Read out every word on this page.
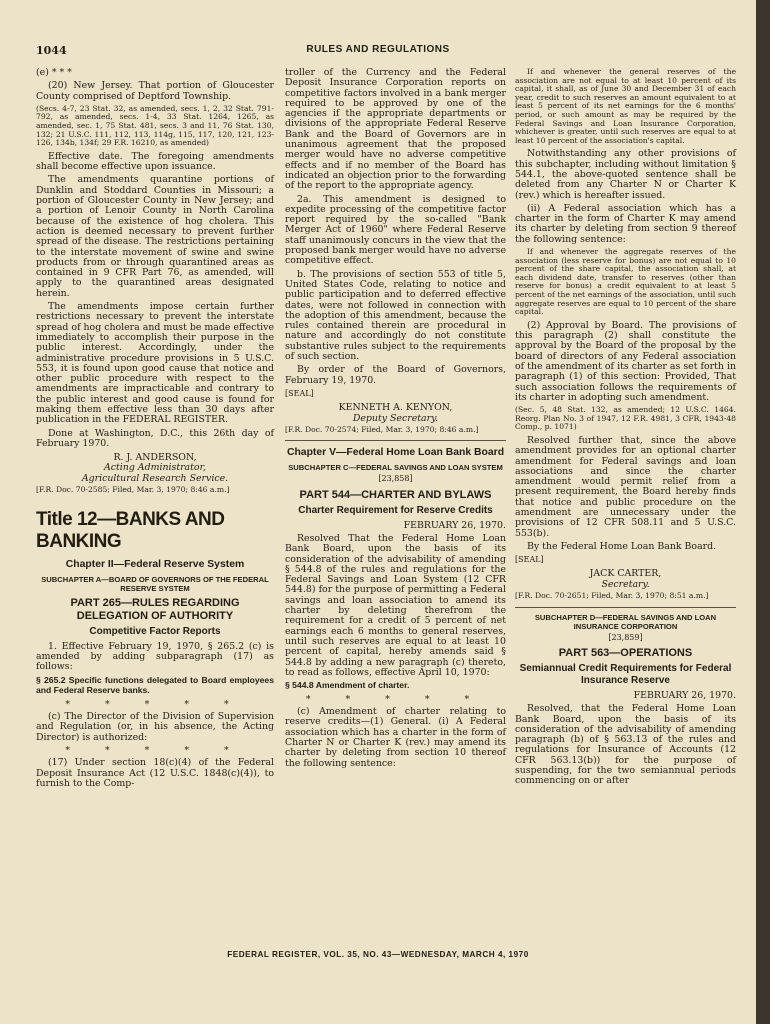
1044	RULES AND REGULATIONS

(e) * * *

(20) New Jersey. That portion of Gloucester County comprised of Deptford Township.

(Secs. 4-7, 23 Stat. 32, as amended, secs. 1, 2, 32 Stat. 791-792, as amended, secs. 1-4, 33 Stat. 1264, 1265, as amended, sec. 1, 75 Stat. 481, secs. 3 and 11, 76 Stat. 130, 132; 21 U.S.C. 111, 112, 113, 114g, 115, 117, 120, 121, 123-126, 134b, 134f; 29 F.R. 16210, as amended)

Effective date. The foregoing amendments shall become effective upon issuance.

The amendments quarantine portions of Dunklin and Stoddard Counties in Missouri; a portion of Gloucester County in New Jersey; and a portion of Lenoir County in North Carolina because of the existence of hog cholera. This action is deemed necessary to prevent further spread of the disease. The restrictions pertaining to the interstate movement of swine and swine products from or through quarantined areas as contained in 9 CFR Part 76, as amended, will apply to the quarantined areas designated herein.

The amendments impose certain further restrictions necessary to prevent the interstate spread of hog cholera and must be made effective immediately to accomplish their purpose in the public interest. Accordingly, under the administrative procedure provisions in 5 U.S.C. 553, it is found upon good cause that notice and other public procedure with respect to the amendments are impracticable and contrary to the public interest and good cause is found for making them effective less than 30 days after publication in the FEDERAL REGISTER.

Done at Washington, D.C., this 26th day of February 1970.

R. J. ANDERSON,

Acting Administrator,

Agricultural Research Service.

[F.R. Doc. 70-2585; Filed, Mar. 3, 1970; 8:46 a.m.]

Title 12—BANKS AND BANKING
Chapter II—Federal Reserve System
SUBCHAPTER A—BOARD OF GOVERNORS OF THE FEDERAL RESERVE SYSTEM
PART 265—RULES REGARDING DELEGATION OF AUTHORITY
Competitive Factor Reports

1. Effective February 19, 1970, § 265.2 (c) is amended by adding subparagraph (17) as follows:

§ 265.2 Specific functions delegated to Board employees and Federal Reserve banks.

* * * * *

(c) The Director of the Division of Supervision and Regulation (or, in his absence, the Acting Director) is authorized:

* * * * *

(17) Under section 18(c)(4) of the Federal Deposit Insurance Act (12 U.S.C. 1848(c)(4)), to furnish to the Comp-

troller of the Currency and the Federal Deposit Insurance Corporation reports on competitive factors involved in a bank merger required to be approved by one of the agencies if the appropriate departments or divisions of the appropriate Federal Reserve Bank and the Board of Governors are in unanimous agreement that the proposed merger would have no adverse competitive effects and if no member of the Board has indicated an objection prior to the forwarding of the report to the appropriate agency.

2a. This amendment is designed to expedite processing of the competitive factor report required by the so-called "Bank Merger Act of 1960" where Federal Reserve staff unanimously concurs in the view that the proposed bank merger would have no adverse competitive effect.

b. The provisions of section 553 of title 5, United States Code, relating to notice and public participation and to deferred effective dates, were not followed in connection with the adoption of this amendment, because the rules contained therein are procedural in nature and accordingly do not constitute substantive rules subject to the requirements of such section.

By order of the Board of Governors, February 19, 1970.

[SEAL]

KENNETH A. KENYON,

Deputy Secretary.

[F.R. Doc. 70-2574; Filed, Mar. 3, 1970; 8:46 a.m.]

Chapter V—Federal Home Loan Bank Board
SUBCHAPTER C—FEDERAL SAVINGS AND LOAN SYSTEM
[23,858]
PART 544—CHARTER AND BYLAWS
Charter Requirement for Reserve Credits

FEBRUARY 26, 1970.

Resolved That the Federal Home Loan Bank Board, upon the basis of its consideration of the advisability of amending § 544.8 of the rules and regulations for the Federal Savings and Loan System (12 CFR 544.8) for the purpose of permitting a Federal savings and loan association to amend its charter by deleting therefrom the requirement for a credit of 5 percent of net earnings each 6 months to general reserves, until such reserves are equal to at least 10 percent of capital, hereby amends said § 544.8 by adding a new paragraph (c) thereto, to read as follows, effective April 10, 1970:

§ 544.8 Amendment of charter.

* * * * *

(c) Amendment of charter relating to reserve credits—(1) General. (i) A Federal association which has a charter in the form of Charter N or Charter K (rev.) may amend its charter by deleting from section 10 thereof the following sentence:

If and whenever the general reserves of the association are not equal to at least 10 percent of its capital, it shall, as of June 30 and December 31 of each year, credit to such reserves an amount equivalent to at least 5 percent of its net earnings for the 6 months' period, or such amount as may be required by the Federal Savings and Loan Insurance Corporation, whichever is greater, until such reserves are equal to at least 10 percent of the association's capital.

Notwithstanding any other provisions of this subchapter, including without limitation § 544.1, the above-quoted sentence shall be deleted from any Charter N or Charter K (rev.) which is hereafter issued.

(ii) A Federal association which has a charter in the form of Charter K may amend its charter by deleting from section 9 thereof the following sentence:

If and whenever the aggregate reserves of the association (less reserve for bonus) are not equal to 10 percent of the share capital, the association shall, at each dividend date, transfer to reserves (other than reserve for bonus) a credit equivalent to at least 5 percent of the net earnings of the association, until such aggregate reserves are equal to 10 percent of the share capital.

(2) Approval by Board. The provisions of this paragraph (2) shall constitute the approval by the Board of the proposal by the board of directors of any Federal association of the amendment of its charter as set forth in paragraph (1) of this section: Provided, That such association follows the requirements of its charter in adopting such amendment.

(Sec. 5, 48 Stat. 132, as amended; 12 U.S.C. 1464. Reorg. Plan No. 3 of 1947, 12 F.R. 4981, 3 CFR, 1943-48 Comp., p. 1071)

Resolved further that, since the above amendment provides for an optional charter amendment for Federal savings and loan associations and since the charter amendment would permit relief from a present requirement, the Board hereby finds that notice and public procedure on the amendment are unnecessary under the provisions of 12 CFR 508.11 and 5 U.S.C. 553(b).

By the Federal Home Loan Bank Board.

[SEAL]

JACK CARTER,

Secretary.

[F.R. Doc. 70-2651; Filed, Mar. 3, 1970; 8:51 a.m.]

SUBCHAPTER D—FEDERAL SAVINGS AND LOAN INSURANCE CORPORATION
[23,859]
PART 563—OPERATIONS
Semiannual Credit Requirements for Federal Insurance Reserve

FEBRUARY 26, 1970.

Resolved, that the Federal Home Loan Bank Board, upon the basis of its consideration of the advisability of amending paragraph (b) of § 563.13 of the rules and regulations for Insurance of Accounts (12 CFR 563.13(b)) for the purpose of suspending, for the two semiannual periods commencing on or after

FEDERAL REGISTER, VOL. 35, NO. 43—WEDNESDAY, MARCH 4, 1970
